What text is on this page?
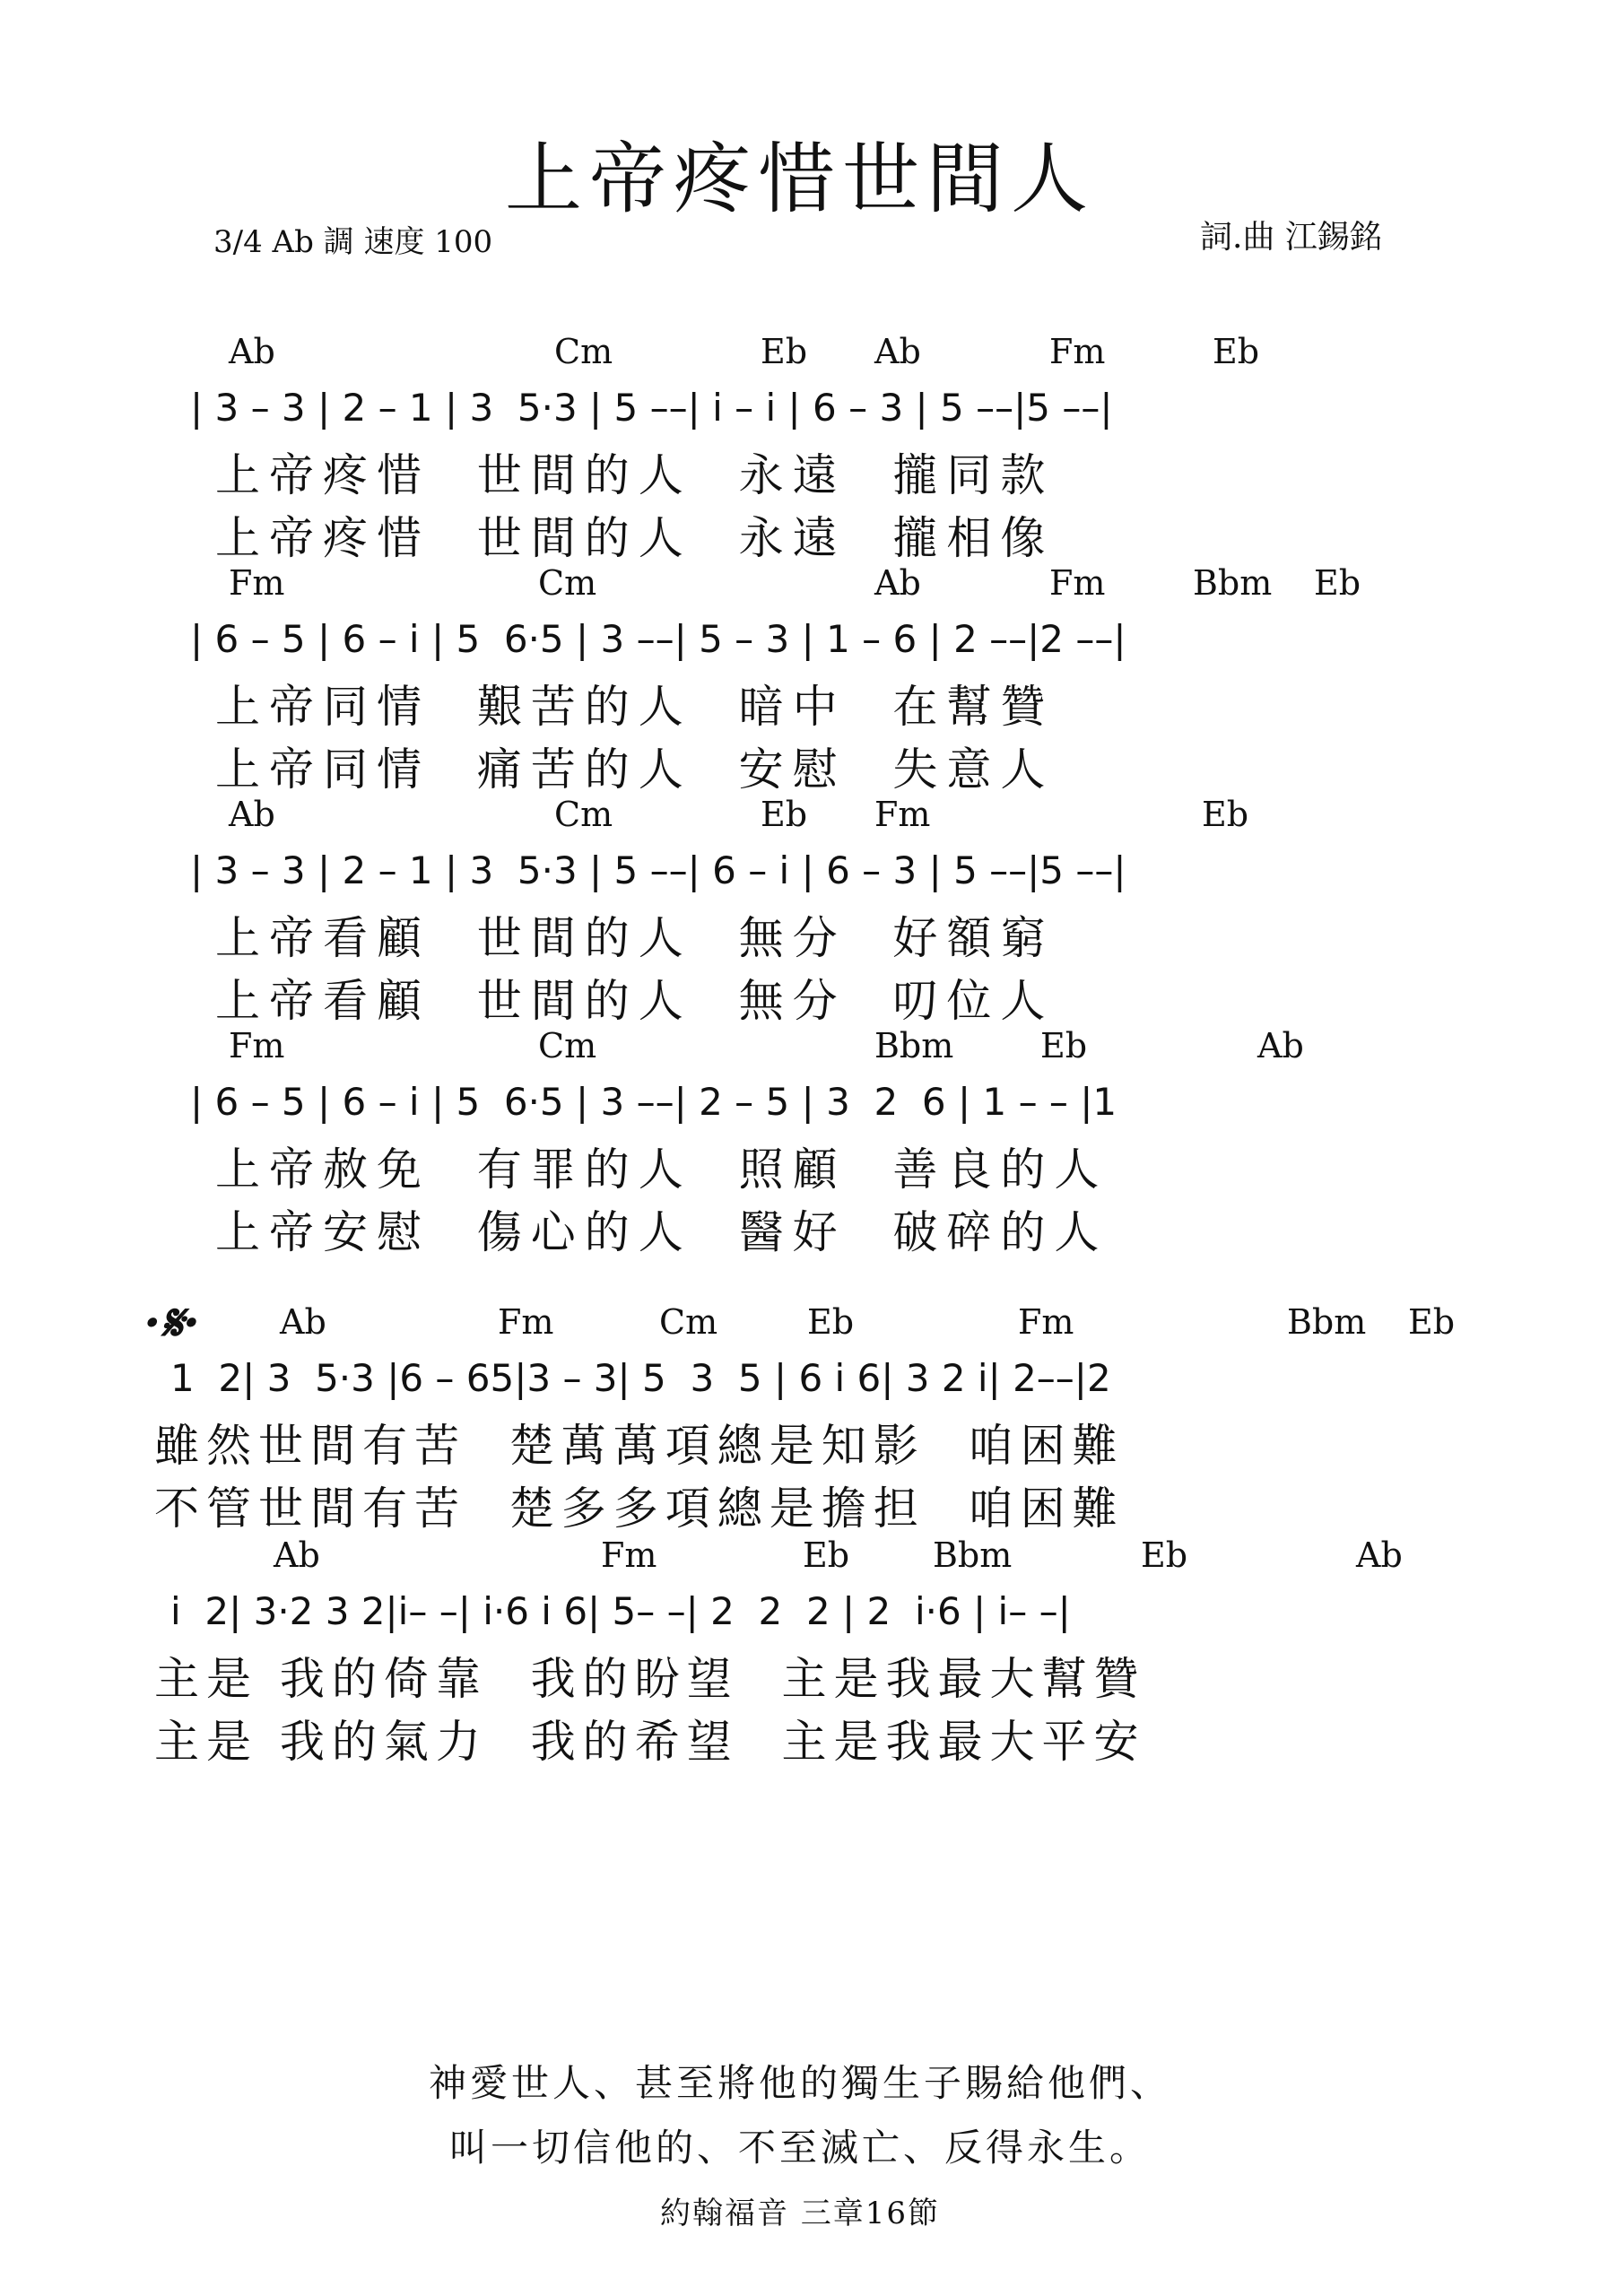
上帝疼惜世間人
3/4 Ab 調 速度 100	詞.曲 江錫銘
Ab	Cm	Eb Ab	Fm	Eb
| 3 – 3 | 2 – 1 | 3  5·3 | 5 ––| i – i | 6 – 3 | 5 ––|5 ––|
上帝疼惜  世間的人  永遠  攏同款
上帝疼惜  世間的人  永遠  攏相像
Fm	Cm	Ab	Fm	Bbm Eb
| 6 – 5 | 6 – i | 5  6·5 | 3 ––| 5 – 3 | 1 – 6 | 2 ––|2 ––|
上帝同情  艱苦的人  暗中  在幫贊
上帝同情  痛苦的人  安慰  失意人
Ab	Cm	Eb Fm	Eb
| 3 – 3 | 2 – 1 | 3  5·3 | 5 ––| 6 – i | 6 – 3 | 5 ––|5 ––|
上帝看顧  世間的人  無分  好額窮
上帝看顧  世間的人  無分  叨位人
Fm	Cm	Bbm	Eb	Ab
| 6 – 5 | 6 – i | 5  6·5 | 3 ––| 2 – 5 | 3  2  6 | 1 – – |1
上帝赦免  有罪的人  照顧  善良的人
上帝安慰  傷心的人  醫好  破碎的人
·𝄋· Ab	Fm	Cm	Eb	Fm	Bbm Eb
1  2| 3  5·3 |6 – 65|3 – 3| 5  3  5 | 6 i 6| 3 2 i| 2––|2
雖然世間有苦  楚萬萬項總是知影  咱困難
不管世間有苦  楚多多項總是擔担  咱困難
Ab	Fm	Eb Bbm	Eb	Ab
i  2| 3·2 3 2|i– –| i·6 i 6| 5– –| 2  2  2 | 2  i·6 | i– –|
主是 我的倚靠  我的盼望  主是我最大幫贊
主是 我的氣力  我的希望  主是我最大平安
神愛世人、甚至將他的獨生子賜給他們、
叫一切信他的、不至滅亡、反得永生。
約翰福音 三章16節
